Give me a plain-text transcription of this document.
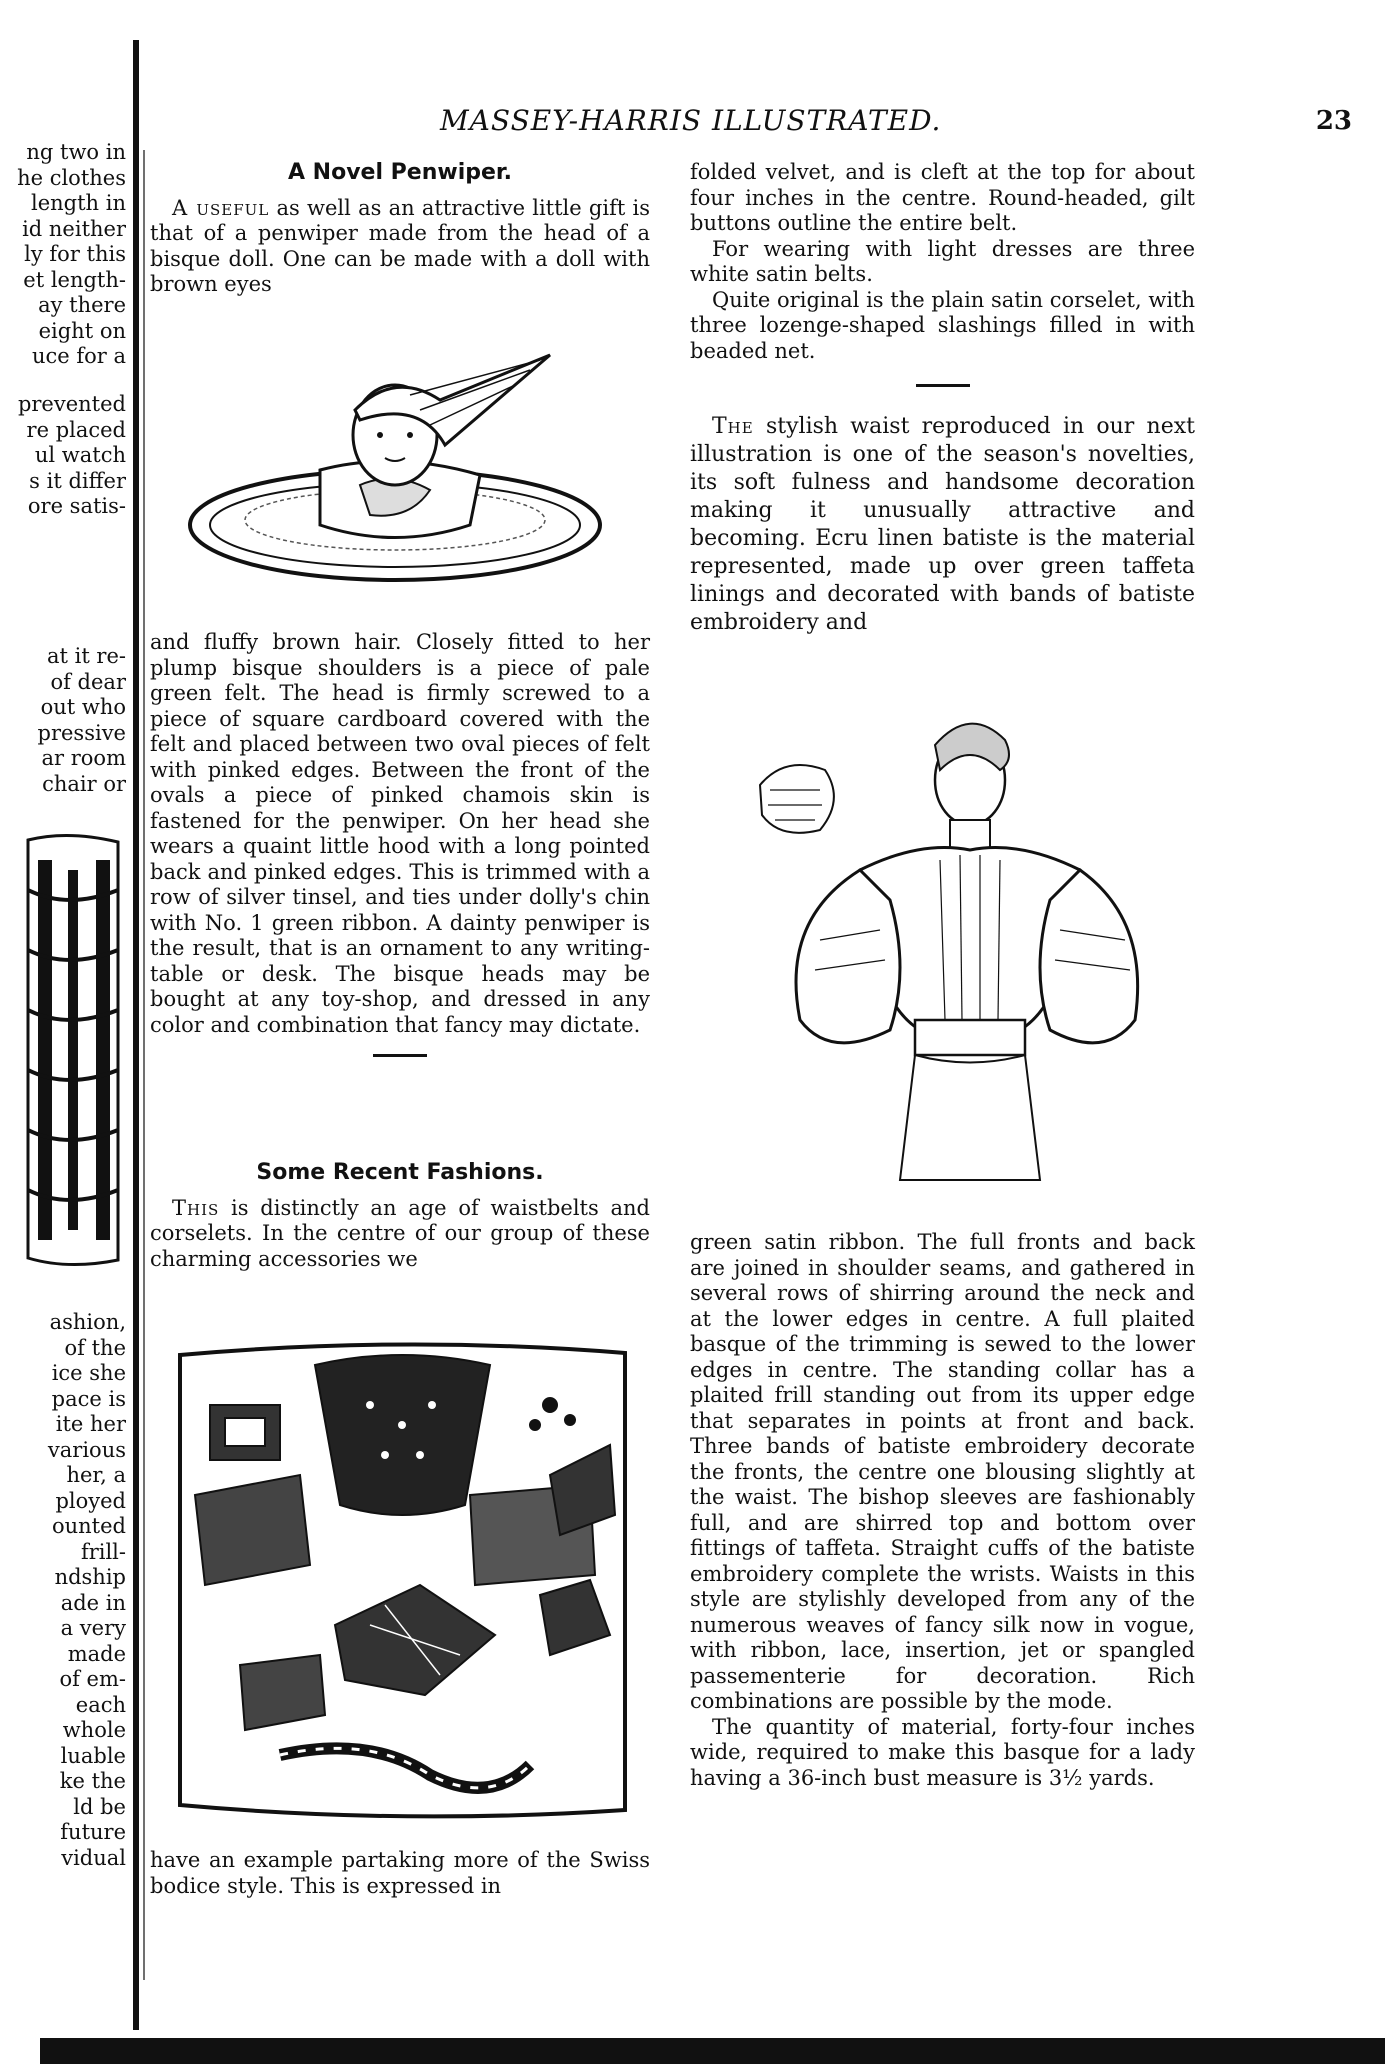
ng two in
he clothes
length in
id neither
ly for this
et length-
ay there
eight on
uce for a
prevented
re placed
ul watch
s it differ
ore satis-
at it re-
of dear
out who
pressive
ar room
chair or
ashion,
of the
ice she
pace is
ite her
various
her, a
ployed
ounted
frill-
ndship
ade in
a very
made
of em-
each
whole
luable
ke the
ld be
future
vidual
MASSEY-HARRIS ILLUSTRATED.	23
A Novel Penwiper.

A useful as well as an attractive little gift is that of a penwiper made from the head of a bisque doll. One can be made with a doll with brown eyes

and fluffy brown hair. Closely fitted to her plump bisque shoulders is a piece of pale green felt. The head is firmly screwed to a piece of square cardboard covered with the felt and placed between two oval pieces of felt with pinked edges. Between the front of the ovals a piece of pinked chamois skin is fastened for the penwiper. On her head she wears a quaint little hood with a long pointed back and pinked edges. This is trimmed with a row of silver tinsel, and ties under dolly's chin with No. 1 green ribbon. A dainty penwiper is the result, that is an ornament to any writing-table or desk. The bisque heads may be bought at any toy-shop, and dressed in any color and combination that fancy may dictate.

Some Recent Fashions.

This is distinctly an age of waistbelts and corselets. In the centre of our group of these charming accessories we

have an example partaking more of the Swiss bodice style. This is expressed in

folded velvet, and is cleft at the top for about four inches in the centre. Round-headed, gilt buttons outline the entire belt.

For wearing with light dresses are three white satin belts.

Quite original is the plain satin corselet, with three lozenge-shaped slashings filled in with beaded net.

The stylish waist reproduced in our next illustration is one of the season's novelties, its soft fulness and handsome decoration making it unusually attractive and becoming. Ecru linen batiste is the material represented, made up over green taffeta linings and decorated with bands of batiste embroidery and

green satin ribbon. The full fronts and back are joined in shoulder seams, and gathered in several rows of shirring around the neck and at the lower edges in centre. A full plaited basque of the trimming is sewed to the lower edges in centre. The standing collar has a plaited frill standing out from its upper edge that separates in points at front and back. Three bands of batiste embroidery decorate the fronts, the centre one blousing slightly at the waist. The bishop sleeves are fashionably full, and are shirred top and bottom over fittings of taffeta. Straight cuffs of the batiste embroidery complete the wrists. Waists in this style are stylishly developed from any of the numerous weaves of fancy silk now in vogue, with ribbon, lace, insertion, jet or spangled passementerie for decoration. Rich combinations are possible by the mode.

The quantity of material, forty-four inches wide, required to make this basque for a lady having a 36-inch bust measure is 3½ yards.
